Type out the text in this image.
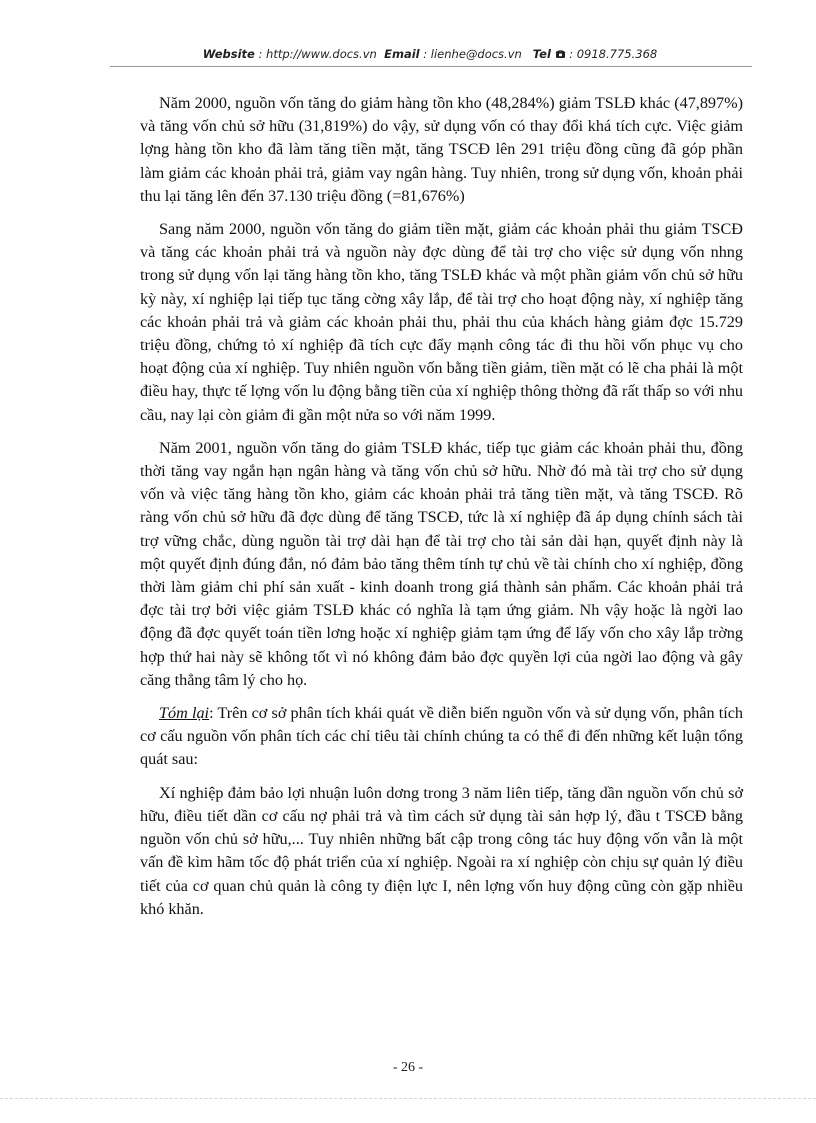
Website : http://www.docs.vn Email : lienhe@docs.vn Tel : 0918.775.368

Năm 2000, nguồn vốn tăng do giảm hàng tồn kho (48,284%) giảm TSLĐ khác (47,897%) và tăng vốn chủ sở hữu (31,819%) do vậy, sử dụng vốn có thay đổi khá tích cực. Việc giảm lợng hàng tồn kho đã làm tăng tiền mặt, tăng TSCĐ lên 291 triệu đồng cũng đã góp phần làm giảm các khoản phải trả, giảm vay ngân hàng. Tuy nhiên, trong sử dụng vốn, khoản phải thu lại tăng lên đến 37.130 triệu đồng (=81,676%)

Sang năm 2000, nguồn vốn tăng do giảm tiền mặt, giảm các khoản phải thu giảm TSCĐ và tăng các khoản phải trả và nguồn này đợc dùng để tài trợ cho việc sử dụng vốn nhng trong sử dụng vốn lại tăng hàng tồn kho, tăng TSLĐ khác và một phần giảm vốn chủ sở hữu kỳ này, xí nghiệp lại tiếp tục tăng cờng xây lắp, để tài trợ cho hoạt động này, xí nghiệp tăng các khoản phải trả và giảm các khoản phải thu, phải thu của khách hàng giảm đợc 15.729 triệu đồng, chứng tỏ xí nghiệp đã tích cực đẩy mạnh công tác đi thu hồi vốn phục vụ cho hoạt động của xí nghiệp. Tuy nhiên nguồn vốn bằng tiền giảm, tiền mặt có lẽ cha phải là một điều hay, thực tế lợng vốn lu động bằng tiền của xí nghiệp thông thờng đã rất thấp so với nhu cầu, nay lại còn giảm đi gần một nửa so với năm 1999.

Năm 2001, nguồn vốn tăng do giảm TSLĐ khác, tiếp tục giảm các khoản phải thu, đồng thời tăng vay ngắn hạn ngân hàng và tăng vốn chủ sở hữu. Nhờ đó mà tài trợ cho sử dụng vốn và việc tăng hàng tồn kho, giảm các khoản phải trả tăng tiền mặt, và tăng TSCĐ. Rõ ràng vốn chủ sở hữu đã đợc dùng để tăng TSCĐ, tức là xí nghiệp đã áp dụng chính sách tài trợ vững chắc, dùng nguồn tài trợ dài hạn để tài trợ cho tài sản dài hạn, quyết định này là một quyết định đúng đắn, nó đảm bảo tăng thêm tính tự chủ về tài chính cho xí nghiệp, đồng thời làm giảm chi phí sản xuất - kinh doanh trong giá thành sản phẩm. Các khoản phải trả đợc tài trợ bởi việc giảm TSLĐ khác có nghĩa là tạm ứng giảm. Nh vậy hoặc là ngời lao động đã đợc quyết toán tiền lơng hoặc xí nghiệp giảm tạm ứng để lấy vốn cho xây lắp trờng hợp thứ hai này sẽ không tốt vì nó không đảm bảo đợc quyền lợi của ngời lao động và gây căng thẳng tâm lý cho họ.

Tóm lại: Trên cơ sở phân tích khái quát về diễn biến nguồn vốn và sử dụng vốn, phân tích cơ cấu nguồn vốn phân tích các chỉ tiêu tài chính chúng ta có thể đi đến những kết luận tổng quát sau:

Xí nghiệp đảm bảo lợi nhuận luôn dơng trong 3 năm liên tiếp, tăng dần nguồn vốn chủ sở hữu, điều tiết dần cơ cấu nợ phải trả và tìm cách sử dụng tài sản hợp lý, đầu t TSCĐ bằng nguồn vốn chủ sở hữu,... Tuy nhiên những bất cập trong công tác huy động vốn vẫn là một vấn đề kìm hãm tốc độ phát triển của xí nghiệp. Ngoài ra xí nghiệp còn chịu sự quản lý điều tiết của cơ quan chủ quản là công ty điện lực I, nên lợng vốn huy động cũng còn gặp nhiều khó khăn.

- 26 -
